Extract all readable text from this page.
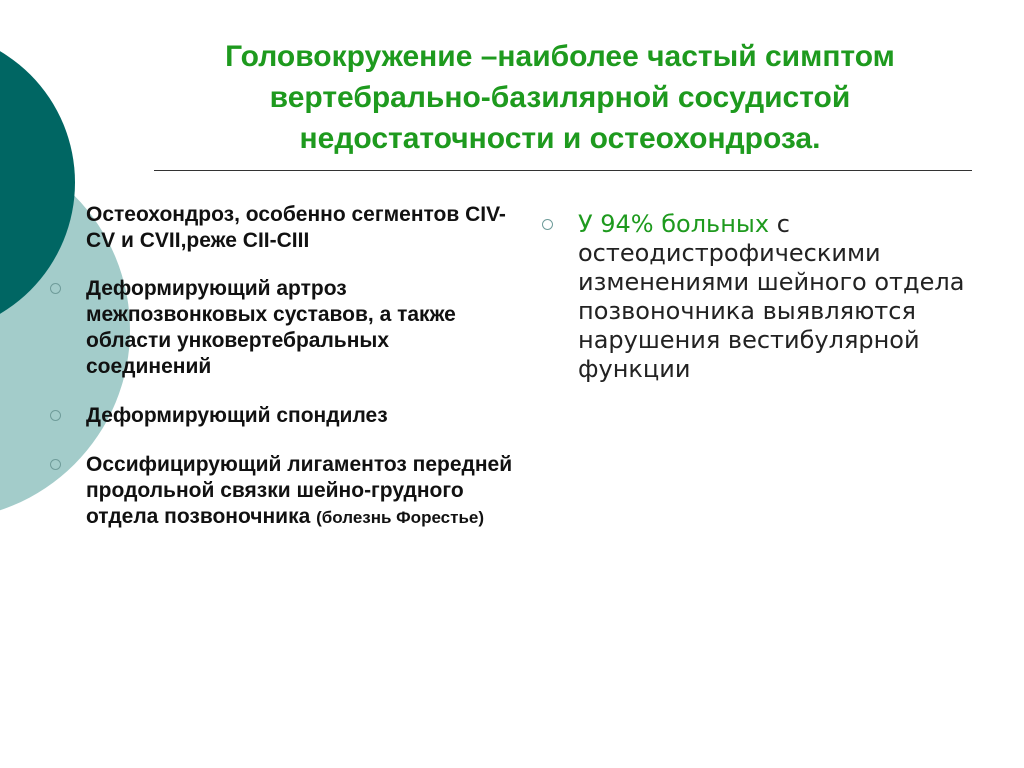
Головокружение –наиболее частый симптом вертебрально-базилярной сосудистой недостаточности и остеохондроза.
Остеохондроз, особенно сегментов CIV-CV и CVII,реже CII-CIII
Деформирующий артроз межпозвонковых суставов, а также области унковертебральных соединений
Деформирующий спондилез
Оссифицирующий лигаментоз передней продольной связки шейно-грудного отдела позвоночника (болезнь Форестье)
У 94% больных с остеодистрофическими изменениями шейного отдела позвоночника выявляются нарушения вестибулярной функции
